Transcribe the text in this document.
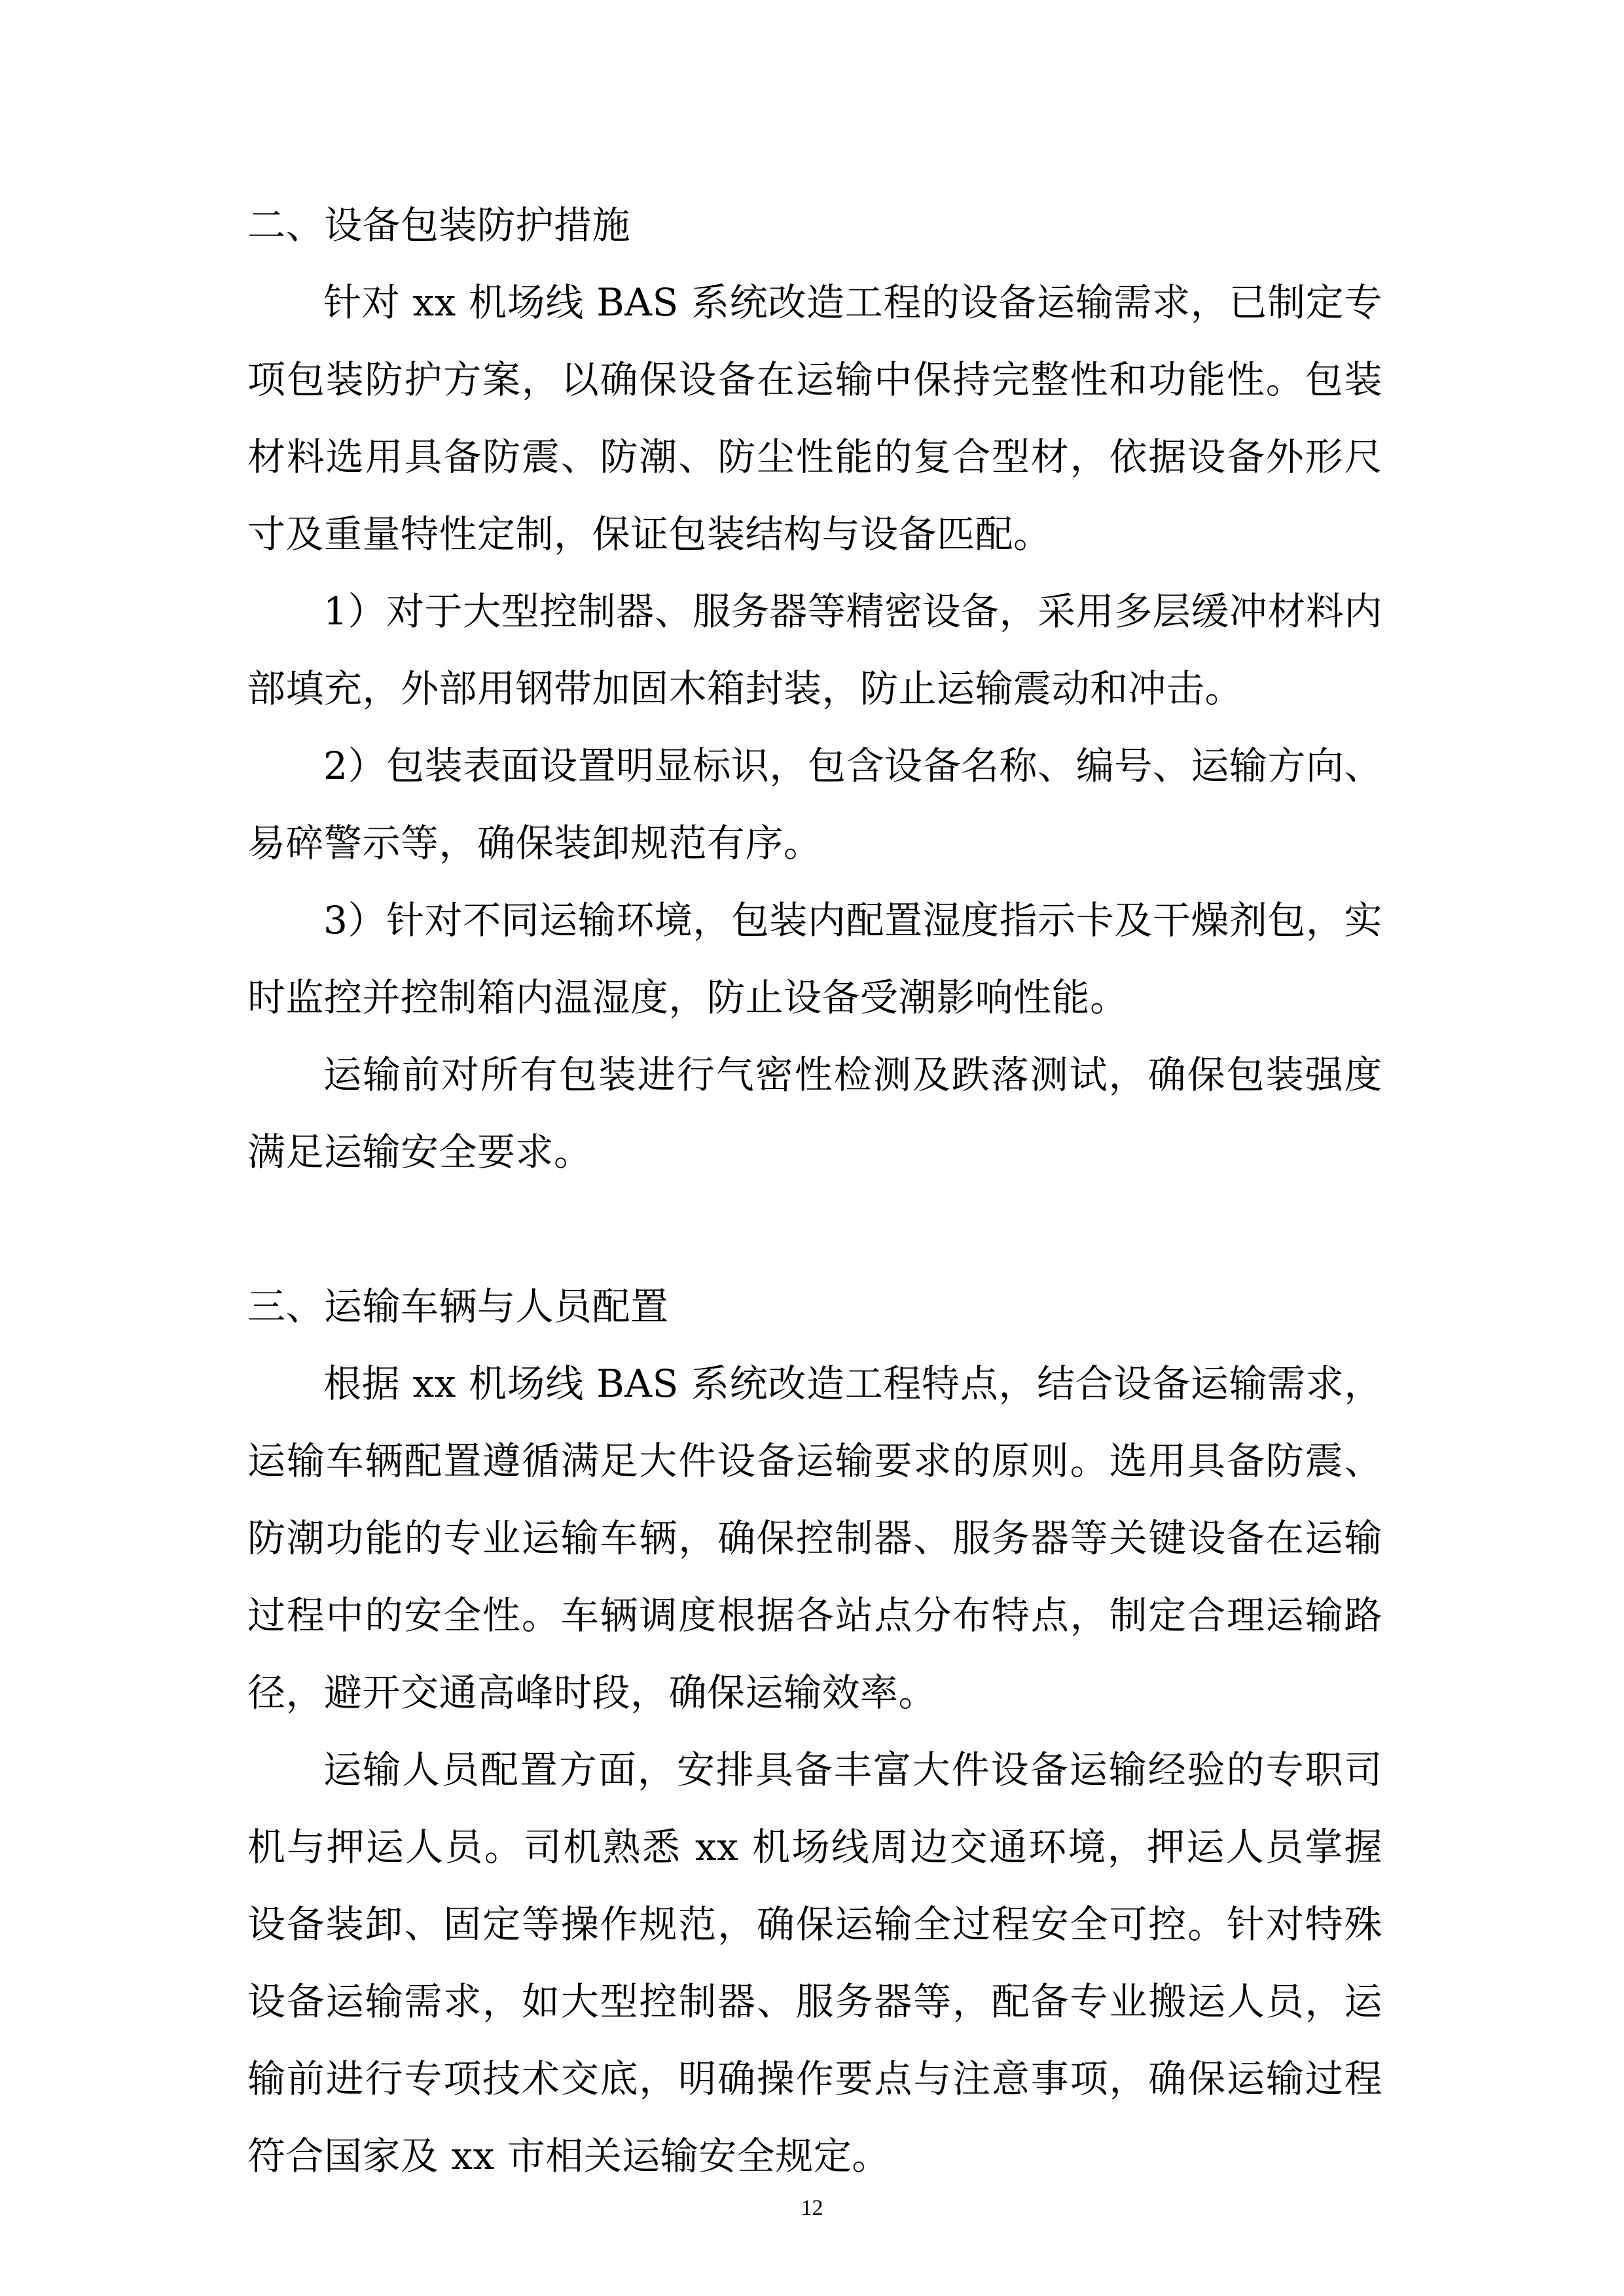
二、设备包装防护措施

针对 xx 机场线 BAS 系统改造工程的设备运输需求，已制定专项包装防护方案，以确保设备在运输中保持完整性和功能性。包装材料选用具备防震、防潮、防尘性能的复合型材，依据设备外形尺寸及重量特性定制，保证包装结构与设备匹配。

1）对于大型控制器、服务器等精密设备，采用多层缓冲材料内部填充，外部用钢带加固木箱封装，防止运输震动和冲击。

2）包装表面设置明显标识，包含设备名称、编号、运输方向、易碎警示等，确保装卸规范有序。

3）针对不同运输环境，包装内配置湿度指示卡及干燥剂包，实时监控并控制箱内温湿度，防止设备受潮影响性能。

运输前对所有包装进行气密性检测及跌落测试，确保包装强度满足运输安全要求。

三、运输车辆与人员配置

根据 xx 机场线 BAS 系统改造工程特点，结合设备运输需求，运输车辆配置遵循满足大件设备运输要求的原则。选用具备防震、防潮功能的专业运输车辆，确保控制器、服务器等关键设备在运输过程中的安全性。车辆调度根据各站点分布特点，制定合理运输路径，避开交通高峰时段，确保运输效率。

运输人员配置方面，安排具备丰富大件设备运输经验的专职司机与押运人员。司机熟悉 xx 机场线周边交通环境，押运人员掌握设备装卸、固定等操作规范，确保运输全过程安全可控。针对特殊设备运输需求，如大型控制器、服务器等，配备专业搬运人员，运输前进行专项技术交底，明确操作要点与注意事项，确保运输过程符合国家及 xx 市相关运输安全规定。

12
